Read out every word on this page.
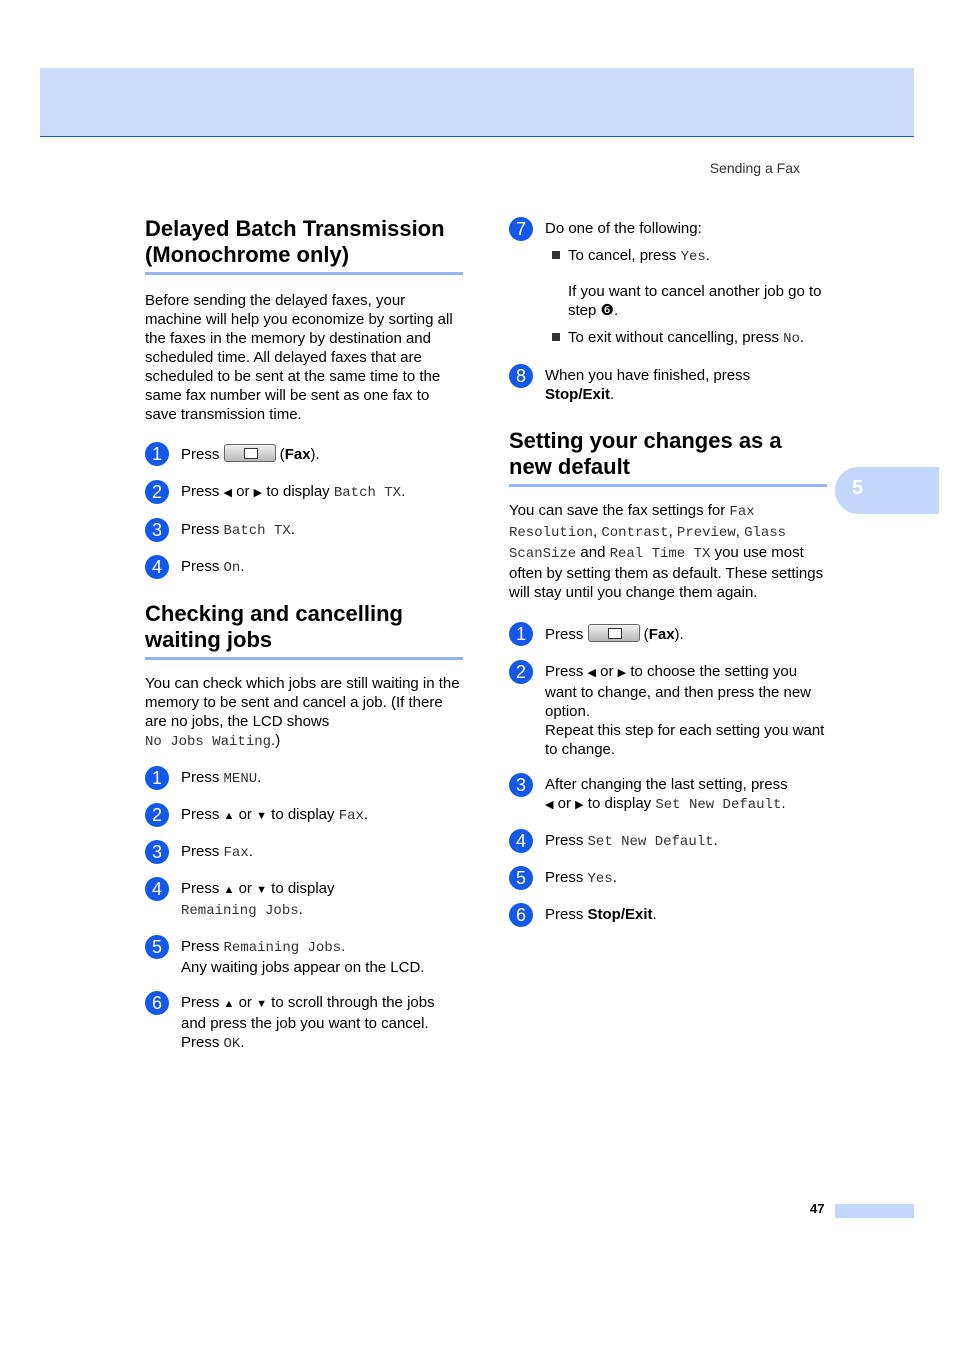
Sending a Fax
5
Delayed Batch Transmission (Monochrome only)

Before sending the delayed faxes, your machine will help you economize by sorting all the faxes in the memory by destination and scheduled time. All delayed faxes that are scheduled to be sent at the same time to the same fax number will be sent as one fax to save transmission time.

1	Press	(Fax).
2	Press ◀ or ▶ to display Batch TX.
3	Press Batch TX.
4	Press On.
Checking and cancelling waiting jobs

You can check which jobs are still waiting in the memory to be sent and cancel a job. (If there are no jobs, the LCD shows
No Jobs Waiting.)

1	Press MENU.
2	Press ▲ or ▼ to display Fax.
3	Press Fax.
4	Press ▲ or ▼ to display
Remaining Jobs.
5	Press Remaining Jobs.
Any waiting jobs appear on the LCD.
6	Press ▲ or ▼ to scroll through the jobs and press the job you want to cancel.
Press OK.
7	Do one of the following:
To cancel, press Yes.
If you want to cancel another job go to step ❻.
To exit without cancelling, press No.
8	When you have finished, press
Stop/Exit.
Setting your changes as a new default

You can save the fax settings for Fax Resolution, Contrast, Preview, Glass ScanSize and Real Time TX you use most often by setting them as default. These settings will stay until you change them again.

1	Press	(Fax).
2	Press ◀ or ▶ to choose the setting you want to change, and then press the new option.
Repeat this step for each setting you want to change.
3	After changing the last setting, press
◀ or ▶ to display Set New Default.
4	Press Set New Default.
5	Press Yes.
6	Press Stop/Exit.
47
